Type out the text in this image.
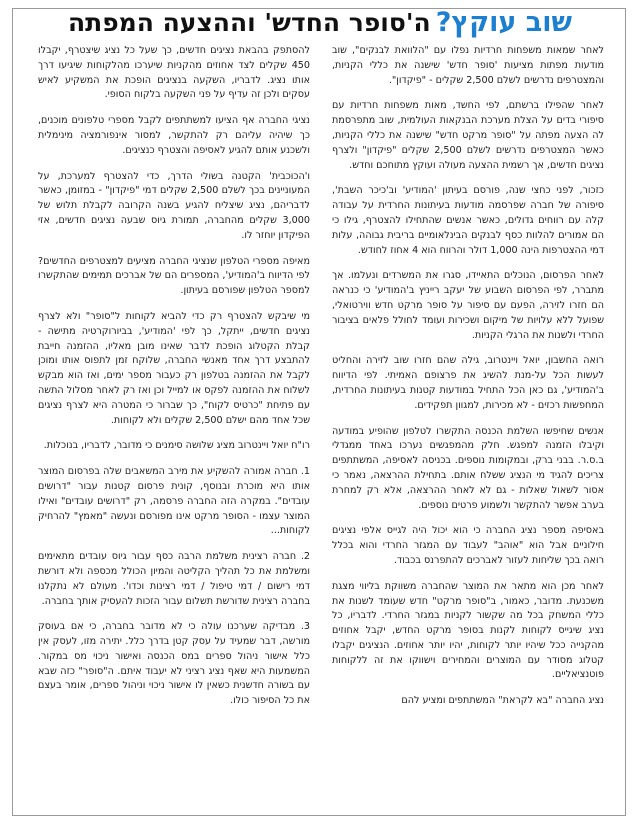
שוב עוקץ? ה'סופר החדש' וההצעה המפתה

לאחר שמאות משפחות חרדיות נפלו עם "הלוואת לבנקים", שוב מודעות מפתות מציעות 'סופר חדש' שישנה את כללי הקניות, והמצטרפים נדרשים לשלם 2,500 שקלים - "פיקדון".

לאחר שהפילו ברשתם, לפי החשד, מאות משפחות חרדיות עם סיפורי בדים על הצלת מערכת הבנקאות העולמית, שוב מתפרסמת לה הצעה מפתה על "סופר מרקט חדש" שישנה את כללי הקניות, כאשר המצטרפים נדרשים לשלם 2,500 שקלים "פיקדון" ולצרף נציגים חדשים, אך רשמית ההצעה מעולה ועוקץ מתוחכם וחדש.

כזכור, לפני כחצי שנה, פורסם בעיתון 'המודיע' וב'כיכר השבת', סיפורה של חברה שפרסמה מודעות בעיתונות החרדית על עבודה קלה עם רווחים גדולים, כאשר אנשים שהתחילו להצטרף, גילו כי הם אמורים להלוות כסף לבנקים הבינלאומיים בריבית גבוהה, עלות דמי ההצטרפות הינה 1,000 דולר והרווח הוא 4 אחוז לחודש.

לאחר הפרסום, הנוכלים התאיידו, סגרו את המשרדים ונעלמו. אך מתברר, לפי הפרסום השבוע של יעקב רייניץ ב'המודיע' כי כנראה הם חזרו לזירה, הפעם עם סיפור על סופר מרקט חדש ווירטואלי, שפועל ללא עלויות של מיקום ושכירות ועומד לחולל פלאים בציבור החרדי ולשנות את הרגלי הקניות.

רואה החשבון, יואל ויינטרוב, גילה שהם חזרו שוב לזירה והחליט לעשות הכל על-מנת להשיג את פרצופם האמיתי. לפי הדיווח ב'המודיע', גם כאן הכל התחיל במודעות קטנות בעיתונות החרדית, המחפשות רכזים - לא מכירות, למגוון תפקידים.

אנשים שחיפשו השלמת הכנסה התקשרו לטלפון שהופיע במודעה וקיבלו הזמנה למפגש. חלק מהמפגשים נערכו באחד ממגדלי ב.ס.ר. בבני ברק, ובמקומות נוספים. בכניסה לאסיפה, המשתתפים צריכים להגיד מי הנציג ששלח אותם. בתחילת ההרצאה, נאמר כי אסור לשאול שאלות - גם לא לאחר ההרצאה, אלא רק למחרת בערב אפשר להתקשר ולשמוע פרטים נוספים.

באסיפה מספר נציג החברה כי הוא יכול היה לגייס אלפי נציגים חילוניים אבל הוא "אוהב" לעבוד עם המגזר החרדי והוא בכלל רואה בכך שליחות לעזור לאברכים להתפרנס בכבוד.

לאחר מכן הוא מתאר את המוצר שהחברה משווקת בליווי מצגת משכנעת. מדובר, כאמור, ב"סופר מרקט" חדש שעומד לשנות את כללי המשחק בכל מה שקשור לקניות במגזר החרדי. לדבריו, כל נציג שיגייס לקוחות לקנות בסופר מרקט החדש, יקבל אחוזים מהקנייה ככל שיהיו יותר לקוחות, יהיו יותר אחוזים. הנציגים יקבלו קטלוג מסודר עם המוצרים והמחירים וישווקו את זה ללקוחות פוטנציאליים.

נציג החברה "בא לקראת" המשתתפים ומציע להם

להסתפק בהבאת נציגים חדשים, כך שעל כל נציג שיצטרף, יקבלו 450 שקלים לצד אחוזים מהקניות שיערכו מהלקוחות שיגיעו דרך אותו נציג. לדבריו, השקעה בנציגים הופכת את המשקיע לאיש עסקים ולכן זה עדיף על פני השקעה בלקוח הסופי.

נציגי החברה אף הציעו למשתתפים לקבל מספרי טלפונים מוכנים, כך שיהיה עליהם רק להתקשר, למסור אינפורמציה מינימלית ולשכנע אותם להגיע לאסיפה והצטרף כנציגים.

ו'הכוכבית' הקטנה בשולי הדרך, כדי להצטרף למערכת, על המעוניינים בכך לשלם 2,500 שקלים דמי "פיקדון" - במזומן, כאשר לדבריהם, נציג שיצליח להגיע בשנה הקרובה לקבלת תלוש של 3,000 שקלים מהחברה, תמורת גיוס שבעה נציגים חדשים, אזי הפיקדון יוחזר לו.

מאיפה מספרי הטלפון שנציגי החברה מציעים למצטרפים החדשים? לפי הדיווח ב'המודיע', המספרים הם של אברכים תמימים שהתקשרו למספר הטלפון שפורסם בעיתון.

מי שיבקש להצטרף רק כדי להביא לקוחות ל"סופר" ולא לצרף נציגים חדשים, ייתקל, כך לפי 'המודיע', בביורוקרטיה מתישה - קבלת הקטלוג הופכת לדבר שאינו מובן מאליו, ההזמנה חייבת להתבצע דרך אחד מאנשי החברה, שלוקח זמן לתפוס אותו ומוכן לקבל את ההזמנה בטלפון רק כעבור מספר ימים, ואז הוא מבקש לשלוח את ההזמנה לפקס או למייל וכן ואז רק לאחר מסלול התשה עם פתיחת "כרטיס לקוח", כך שברור כי המטרה היא לצרף נציגים שכל אחד מהם ישלם 2,500 שקלים ולא לקוחות.

רו"ח יואל ויינטרוב מציג שלושה סימנים כי מדובר, לדבריו, בנוכלות.

1. חברה אמורה להשקיע את מירב המשאבים שלה בפרסום המוצר אותו היא מוכרת ובנוסף, קונית פרסום קטנות עבור "דרושים עובדים". במקרה הזה החברה פרסמה, רק "דרושים עובדים" ואילו המוצר עצמו - הסופר מרקט אינו מפורסם ונעשה "מאמץ" להרחיק לקוחות...

2. חברה רצינית משלמת הרבה כסף עבור גיוס עובדים מתאימים ומשלמת את כל תהליך הקליטה והמיון הכולל מכספה ולא דורשת דמי רישום / דמי טיפול / דמי רצינות וכדו'. מעולם לא נתקלנו בחברה רצינית שדורשת תשלום עבור הזכות להעסיק אותך בחברה.

3. מבדיקה שערכנו עולה כי לא מדובר בחברה, כי אם בעוסק מורשה, דבר שמעיד על עסק קטן בדרך כלל. יתירה מזו, לעסק אין כלל אישור ניהול ספרים במס הכנסה ואישור ניכוי מס במקור. המשמעות היא שאף נציג רציני לא יעבוד איתם. ה"סופר" כזה שבא עם בשורה חדשנית כשאין לו אישור ניכוי וניהול ספרים, אומר בעצם את כל הסיפור כולו.
